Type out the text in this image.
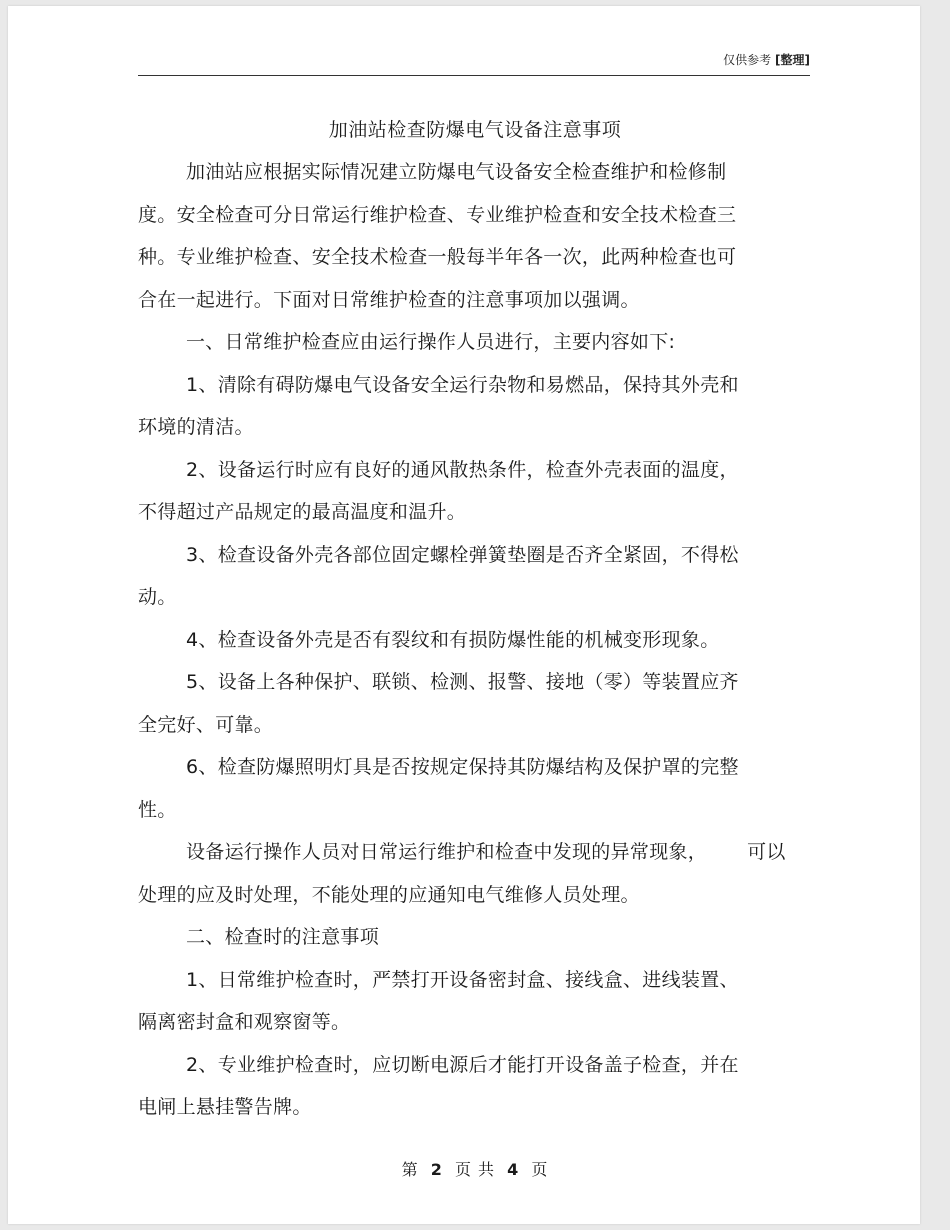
仅供参考 [整理]
加油站检查防爆电气设备注意事项
加油站应根据实际情况建立防爆电气设备安全检查维护和检修制
度。安全检查可分日常运行维护检查、专业维护检查和安全技术检查三
种。专业维护检查、安全技术检查一般每半年各一次，此两种检查也可
合在一起进行。下面对日常维护检查的注意事项加以强调。
一、日常维护检查应由运行操作人员进行，主要内容如下:
1、清除有碍防爆电气设备安全运行杂物和易燃品，保持其外壳和
环境的清洁。
2、设备运行时应有良好的通风散热条件，检查外壳表面的温度，
不得超过产品规定的最高温度和温升。
3、检查设备外壳各部位固定螺栓弹簧垫圈是否齐全紧固，不得松
动。
4、检查设备外壳是否有裂纹和有损防爆性能的机械变形现象。
5、设备上各种保护、联锁、检测、报警、接地（零）等装置应齐
全完好、可靠。
6、检查防爆照明灯具是否按规定保持其防爆结构及保护罩的完整
性。
设备运行操作人员对日常运行维护和检查中发现的异常现象， 可以
处理的应及时处理，不能处理的应通知电气维修人员处理。
二、检查时的注意事项
1、日常维护检查时，严禁打开设备密封盒、接线盒、进线装置、
隔离密封盒和观察窗等。
2、专业维护检查时，应切断电源后才能打开设备盖子检查，并在
电闸上悬挂警告牌。
第 2 页 共 4 页
